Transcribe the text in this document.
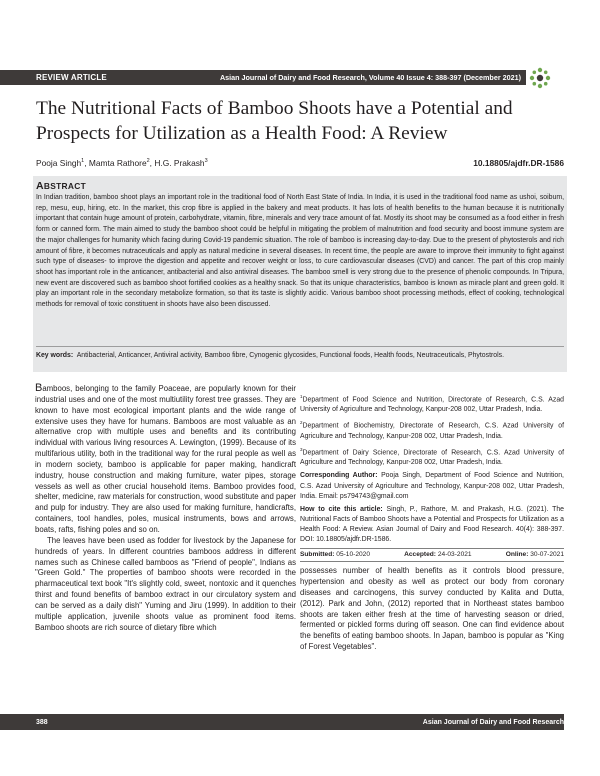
REVIEW ARTICLE	Asian Journal of Dairy and Food Research, Volume 40 Issue 4: 388-397 (December 2021)
The Nutritional Facts of Bamboo Shoots have a Potential and Prospects for Utilization as a Health Food: A Review
Pooja Singh$^1$, Mamta Rathore$^2$, H.G. Prakash$^3$	10.18805/ajdfr.DR-1586
ABSTRACT

In Indian tradition, bamboo shoot plays an important role in the traditional food of North East State of India. In India, it is used in the traditional food name as ushoi, soibum, rep, mesu, eup, hiring, etc. In the market, this crop fibre is applied in the bakery and meat products. It has lots of health benefits to the human because it is nutritionally important that contain huge amount of protein, carbohydrate, vitamin, fibre, minerals and very trace amount of fat. Mostly its shoot may be consumed as a food either in fresh form or canned form. The main aimed to study the bamboo shoot could be helpful in mitigating the problem of malnutrition and food security and boost immune system are the major challenges for humanity which facing during Covid-19 pandemic situation. The role of bamboo is increasing day-to-day. Due to the present of phytosterols and rich amount of fibre, it becomes nutraceuticals and apply as natural medicine in several diseases. In recent time, the people are aware to improve their immunity to fight against such type of diseases- to improve the digestion and appetite and recover weight or loss, to cure cardiovascular diseases (CVD) and cancer. The part of this crop mainly shoot has important role in the anticancer, antibacterial and also antiviral diseases. The bamboo smell is very strong due to the presence of phenolic compounds. In Tripura, new event are discovered such as bamboo shoot fortified cookies as a healthy snack. So that its unique characteristics, bamboo is known as miracle plant and green gold. It play an important role in the secondary metabolize formation, so that its taste is slightly acidic. Various bamboo shoot processing methods, effect of cooking, technological methods for removal of toxic constituent in shoots have also been discussed.

Key words: Antibacterial, Anticancer, Antiviral activity, Bamboo fibre, Cynogenic glycosides, Functional foods, Health foods, Neutraceuticals, Phytostrols.

Bamboos, belonging to the family Poaceae, are popularly known for their industrial uses and one of the most multiutility forest tree grasses. They are known to have most ecological important plants and the wide range of extensive uses they have for humans. Bamboos are most valuable as an alternative crop with multiple uses and benefits and its contributing individual with various living resources A. Lewington, (1999). Because of its multifarious utility, both in the traditional way for the rural people as well as in modern society, bamboo is applicable for paper making, handicraft industry, house construction and making furniture, water pipes, storage vessels as well as other crucial household items. Bamboo provides food, shelter, medicine, raw materials for construction, wood substitute and paper and pulp for industry. They are also used for making furniture, handicrafts, containers, tool handles, poles, musical instruments, bows and arrows, boats, rafts, fishing poles and so on.

The leaves have been used as fodder for livestock by the Japanese for hundreds of years. In different countries bamboos address in different names such as Chinese called bamboos as "Friend of people", Indians as "Green Gold." The properties of bamboo shoots were recorded in the pharmaceutical text book "It's slightly cold, sweet, nontoxic and it quenches thirst and found benefits of bamboo extract in our circulatory system and can be served as a daily dish" Yuming and Jiru (1999). In addition to their multiple application, juvenile shoots value as prominent food items. Bamboo shoots are rich source of dietary fibre which

$^1$Department of Food Science and Nutrition, Directorate of Research, C.S. Azad University of Agriculture and Technology, Kanpur-208 002, Uttar Pradesh, India.

$^2$Department of Biochemistry, Directorate of Research, C.S. Azad University of Agriculture and Technology, Kanpur-208 002, Uttar Pradesh, India.

$^3$Department of Dairy Science, Directorate of Research, C.S. Azad University of Agriculture and Technology, Kanpur-208 002, Uttar Pradesh, India.

Corresponding Author: Pooja Singh, Department of Food Science and Nutrition, C.S. Azad University of Agriculture and Technology, Kanpur-208 002, Uttar Pradesh, India. Email: ps794743@gmail.com

How to cite this article: Singh, P., Rathore, M. and Prakash, H.G. (2021). The Nutritional Facts of Bamboo Shoots have a Potential and Prospects for Utilization as a Health Food: A Review. Asian Journal of Dairy and Food Research. 40(4): 388-397. DOI: 10.18805/ajdfr.DR-1586.

Submitted: 05-10-2020	Accepted: 24-03-2021	Online: 30-07-2021
possesses number of health benefits as it controls blood pressure, hypertension and obesity as well as protect our body from coronary diseases and carcinogens, this survey conducted by Kalita and Dutta, (2012). Park and John, (2012) reported that in Northeast states bamboo shoots are taken either fresh at the time of harvesting season or dried, fermented or pickled forms during off season. One can find evidence about the benefits of eating bamboo shoots. In Japan, bamboo is popular as "King of Forest Vegetables".
388	Asian Journal of Dairy and Food Research
